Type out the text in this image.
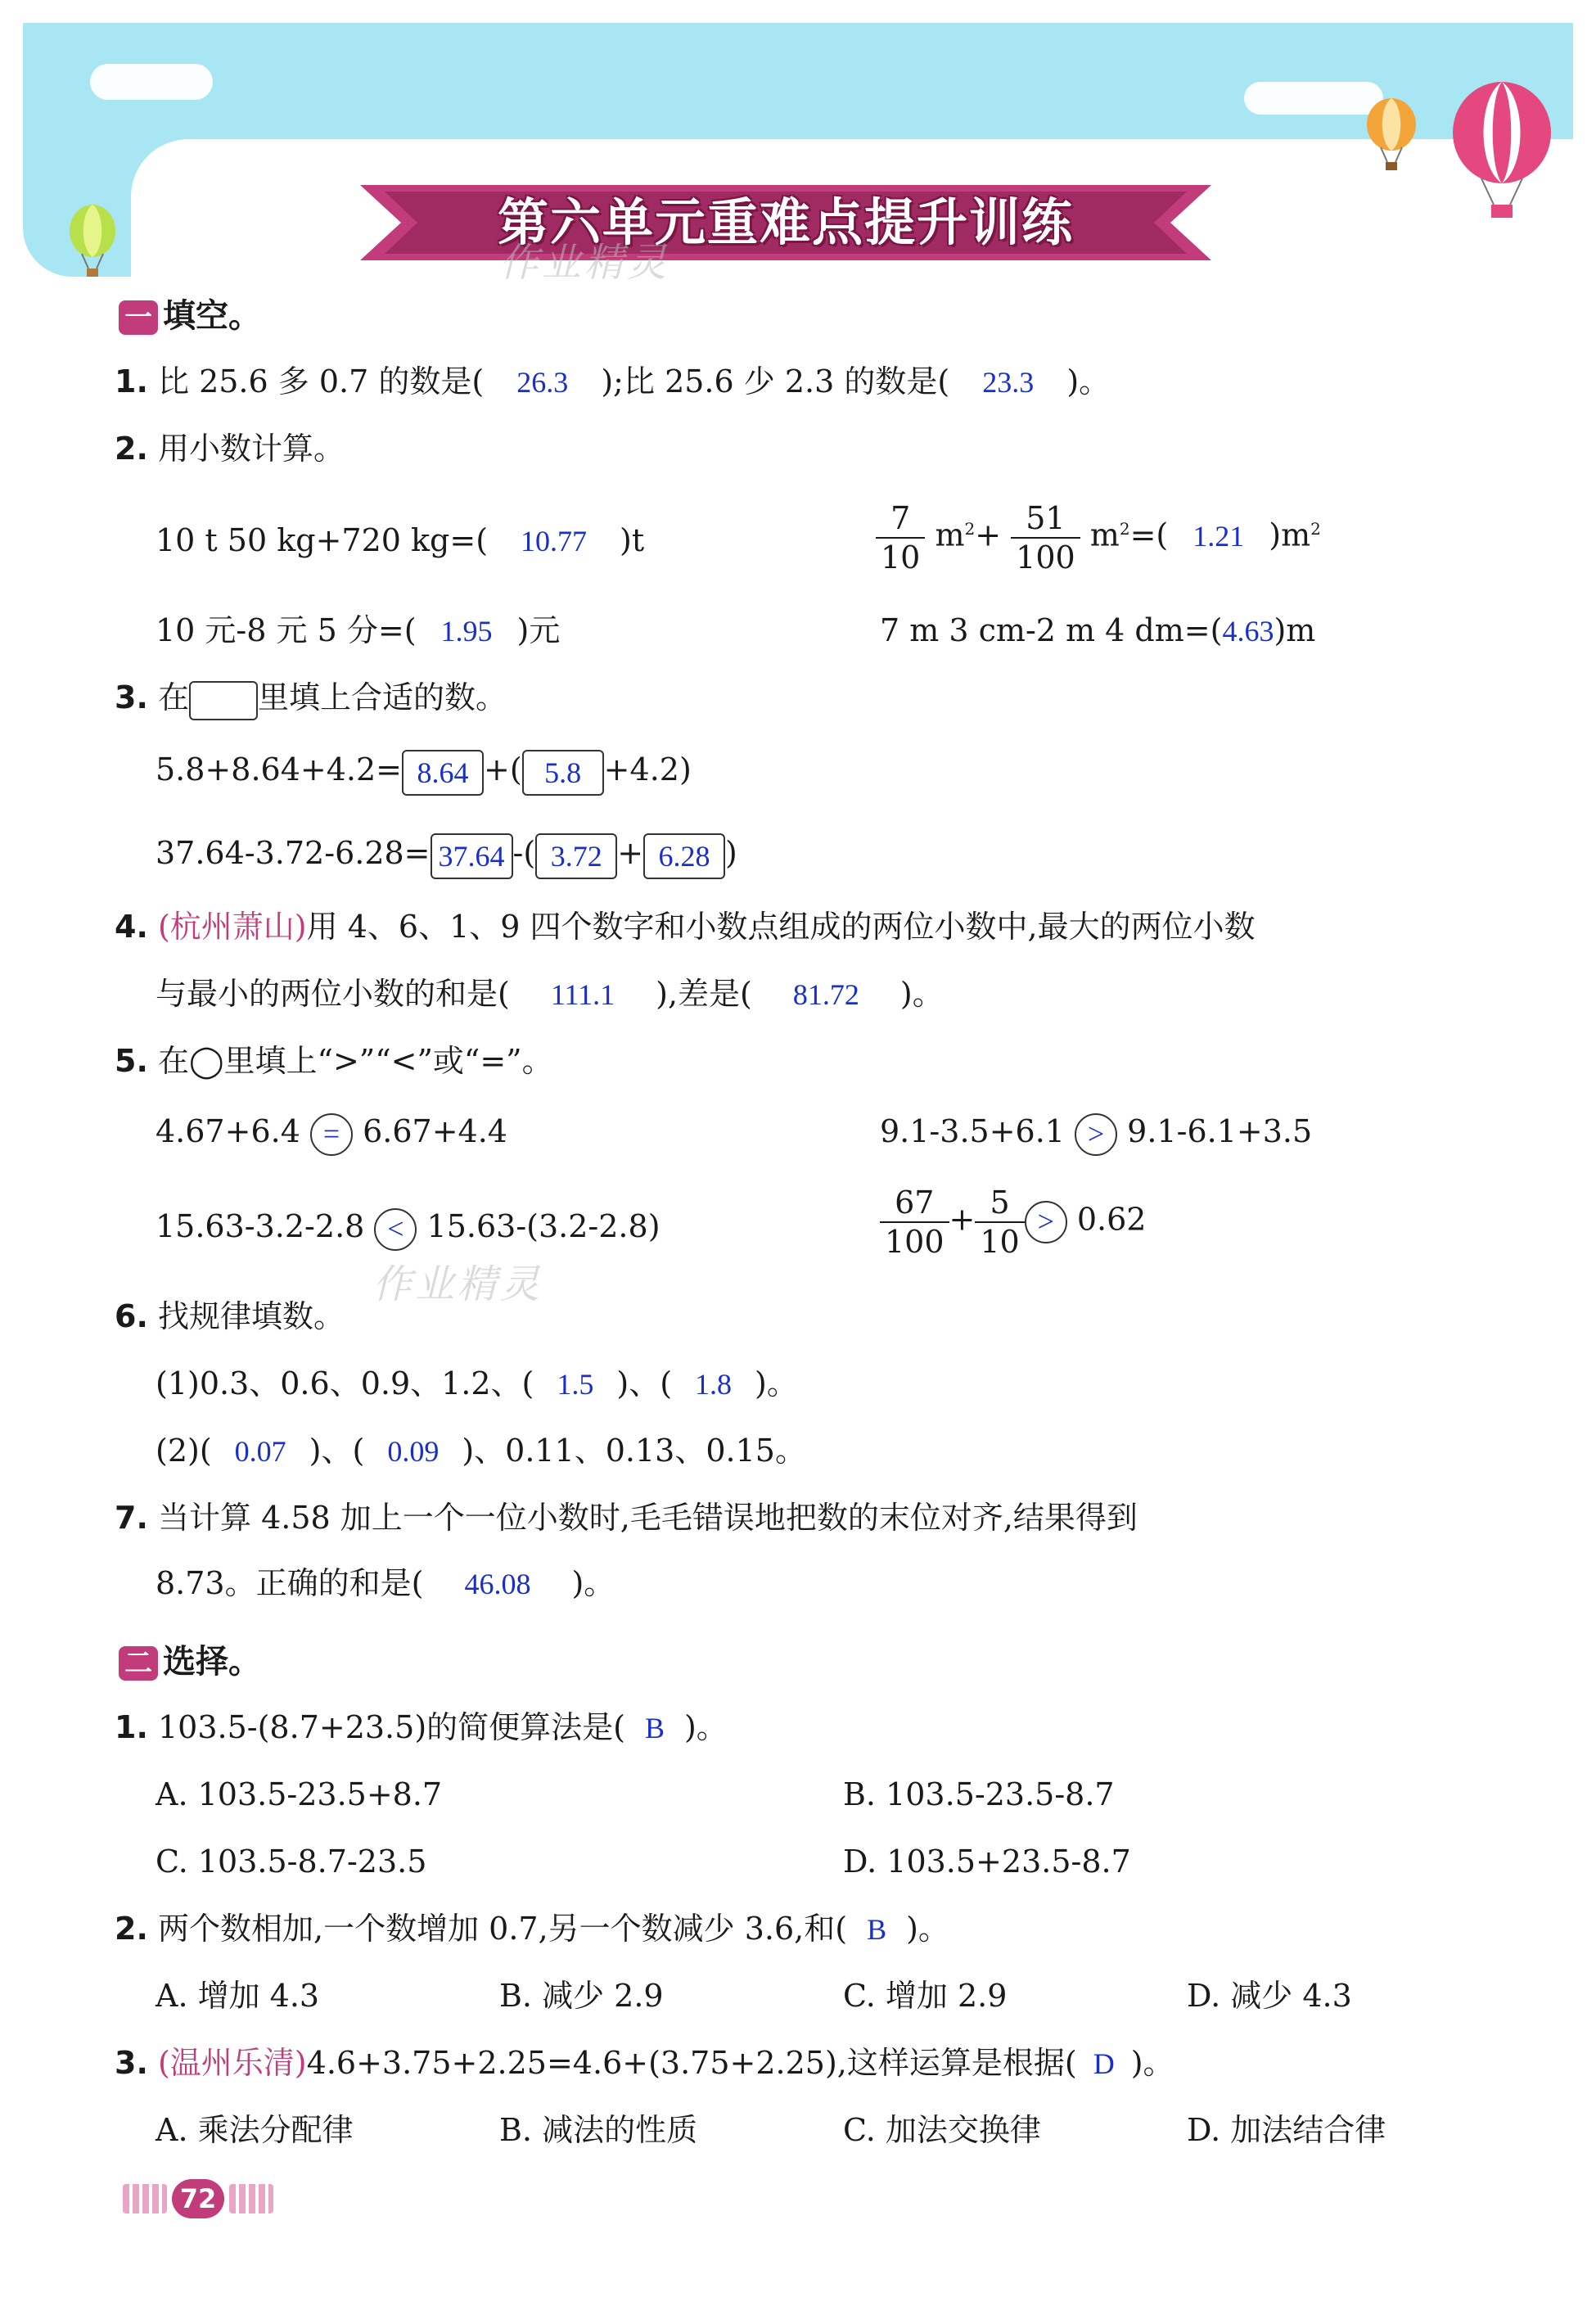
第六单元重难点提升训练
作业精灵
作业精灵
一 填空。
1. 比 25.6 多 0.7 的数是( 26.3 );比 25.6 少 2.3 的数是( 23.3 )。
2. 用小数计算。
10 t 50 kg+720 kg=( 10.77 )t	$\frac{7}{10} m^2+ \frac{51}{100} m^2=$( 1.21 )$m^2$
10 元-8 元 5 分=( 1.95 )元	7 m 3 cm-2 m 4 dm=(4.63)m
3. 在 里填上合适的数。
5.8+8.64+4.2= 8.64 +( 5.8 +4.2)
37.64-3.72-6.28= 37.64 -( 3.72 + 6.28 )
4. (杭州萧山)用 4、6、1、9 四个数字和小数点组成的两位小数中,最大的两位小数
与最小的两位小数的和是( 111.1 ),差是( 81.72 )。
5. 在◯里填上“>”“<”或“=”。
4.67+6.4 = 6.67+4.4	9.1-3.5+6.1 > 9.1-6.1+3.5
15.63-3.2-2.8 < 15.63-(3.2-2.8)	$\frac{67}{100} + \frac{5}{10} > 0.62$
6. 找规律填数。
(1)0.3、0.6、0.9、1.2、( 1.5 )、( 1.8 )。
(2)( 0.07 )、( 0.09 )、0.11、0.13、0.15。
7. 当计算 4.58 加上一个一位小数时,毛毛错误地把数的末位对齐,结果得到
8.73。正确的和是( 46.08 )。
二 选择。
1. 103.5-(8.7+23.5)的简便算法是( B )。
A. 103.5-23.5+8.7	B. 103.5-23.5-8.7
C. 103.5-8.7-23.5	D. 103.5+23.5-8.7
2. 两个数相加,一个数增加 0.7,另一个数减少 3.6,和( B )。
A. 增加 4.3	B. 减少 2.9	C. 增加 2.9	D. 减少 4.3
3. (温州乐清)4.6+3.75+2.25=4.6+(3.75+2.25),这样运算是根据( D )。
A. 乘法分配律	B. 减法的性质	C. 加法交换律	D. 加法结合律
72
